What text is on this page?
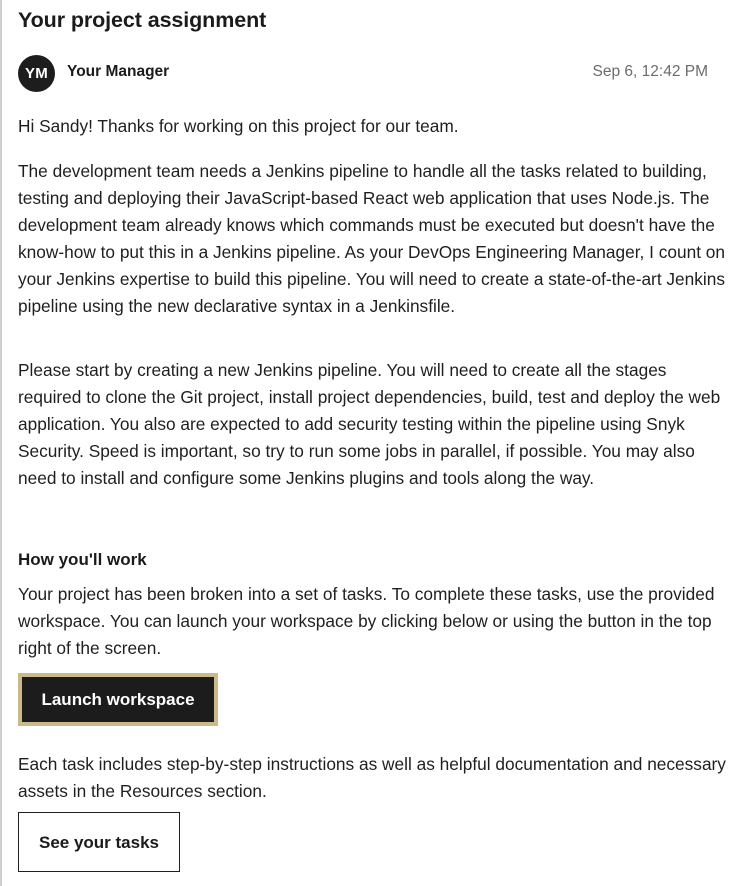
Your project assignment
YM	Your Manager	Sep 6, 12:42 PM

Hi Sandy! Thanks for working on this project for our team.

The development team needs a Jenkins pipeline to handle all the tasks related to building, testing and deploying their JavaScript-based React web application that uses Node.js. The development team already knows which commands must be executed but doesn't have the know-how to put this in a Jenkins pipeline. As your DevOps Engineering Manager, I count on your Jenkins expertise to build this pipeline. You will need to create a state-of-the-art Jenkins pipeline using the new declarative syntax in a Jenkinsfile.

Please start by creating a new Jenkins pipeline. You will need to create all the stages required to clone the Git project, install project dependencies, build, test and deploy the web application. You also are expected to add security testing within the pipeline using Snyk Security. Speed is important, so try to run some jobs in parallel, if possible. You may also need to install and configure some Jenkins plugins and tools along the way.

How you'll work

Your project has been broken into a set of tasks. To complete these tasks, use the provided workspace. You can launch your workspace by clicking below or using the button in the top right of the screen.

Launch workspace

Each task includes step-by-step instructions as well as helpful documentation and necessary assets in the Resources section.

See your tasks
